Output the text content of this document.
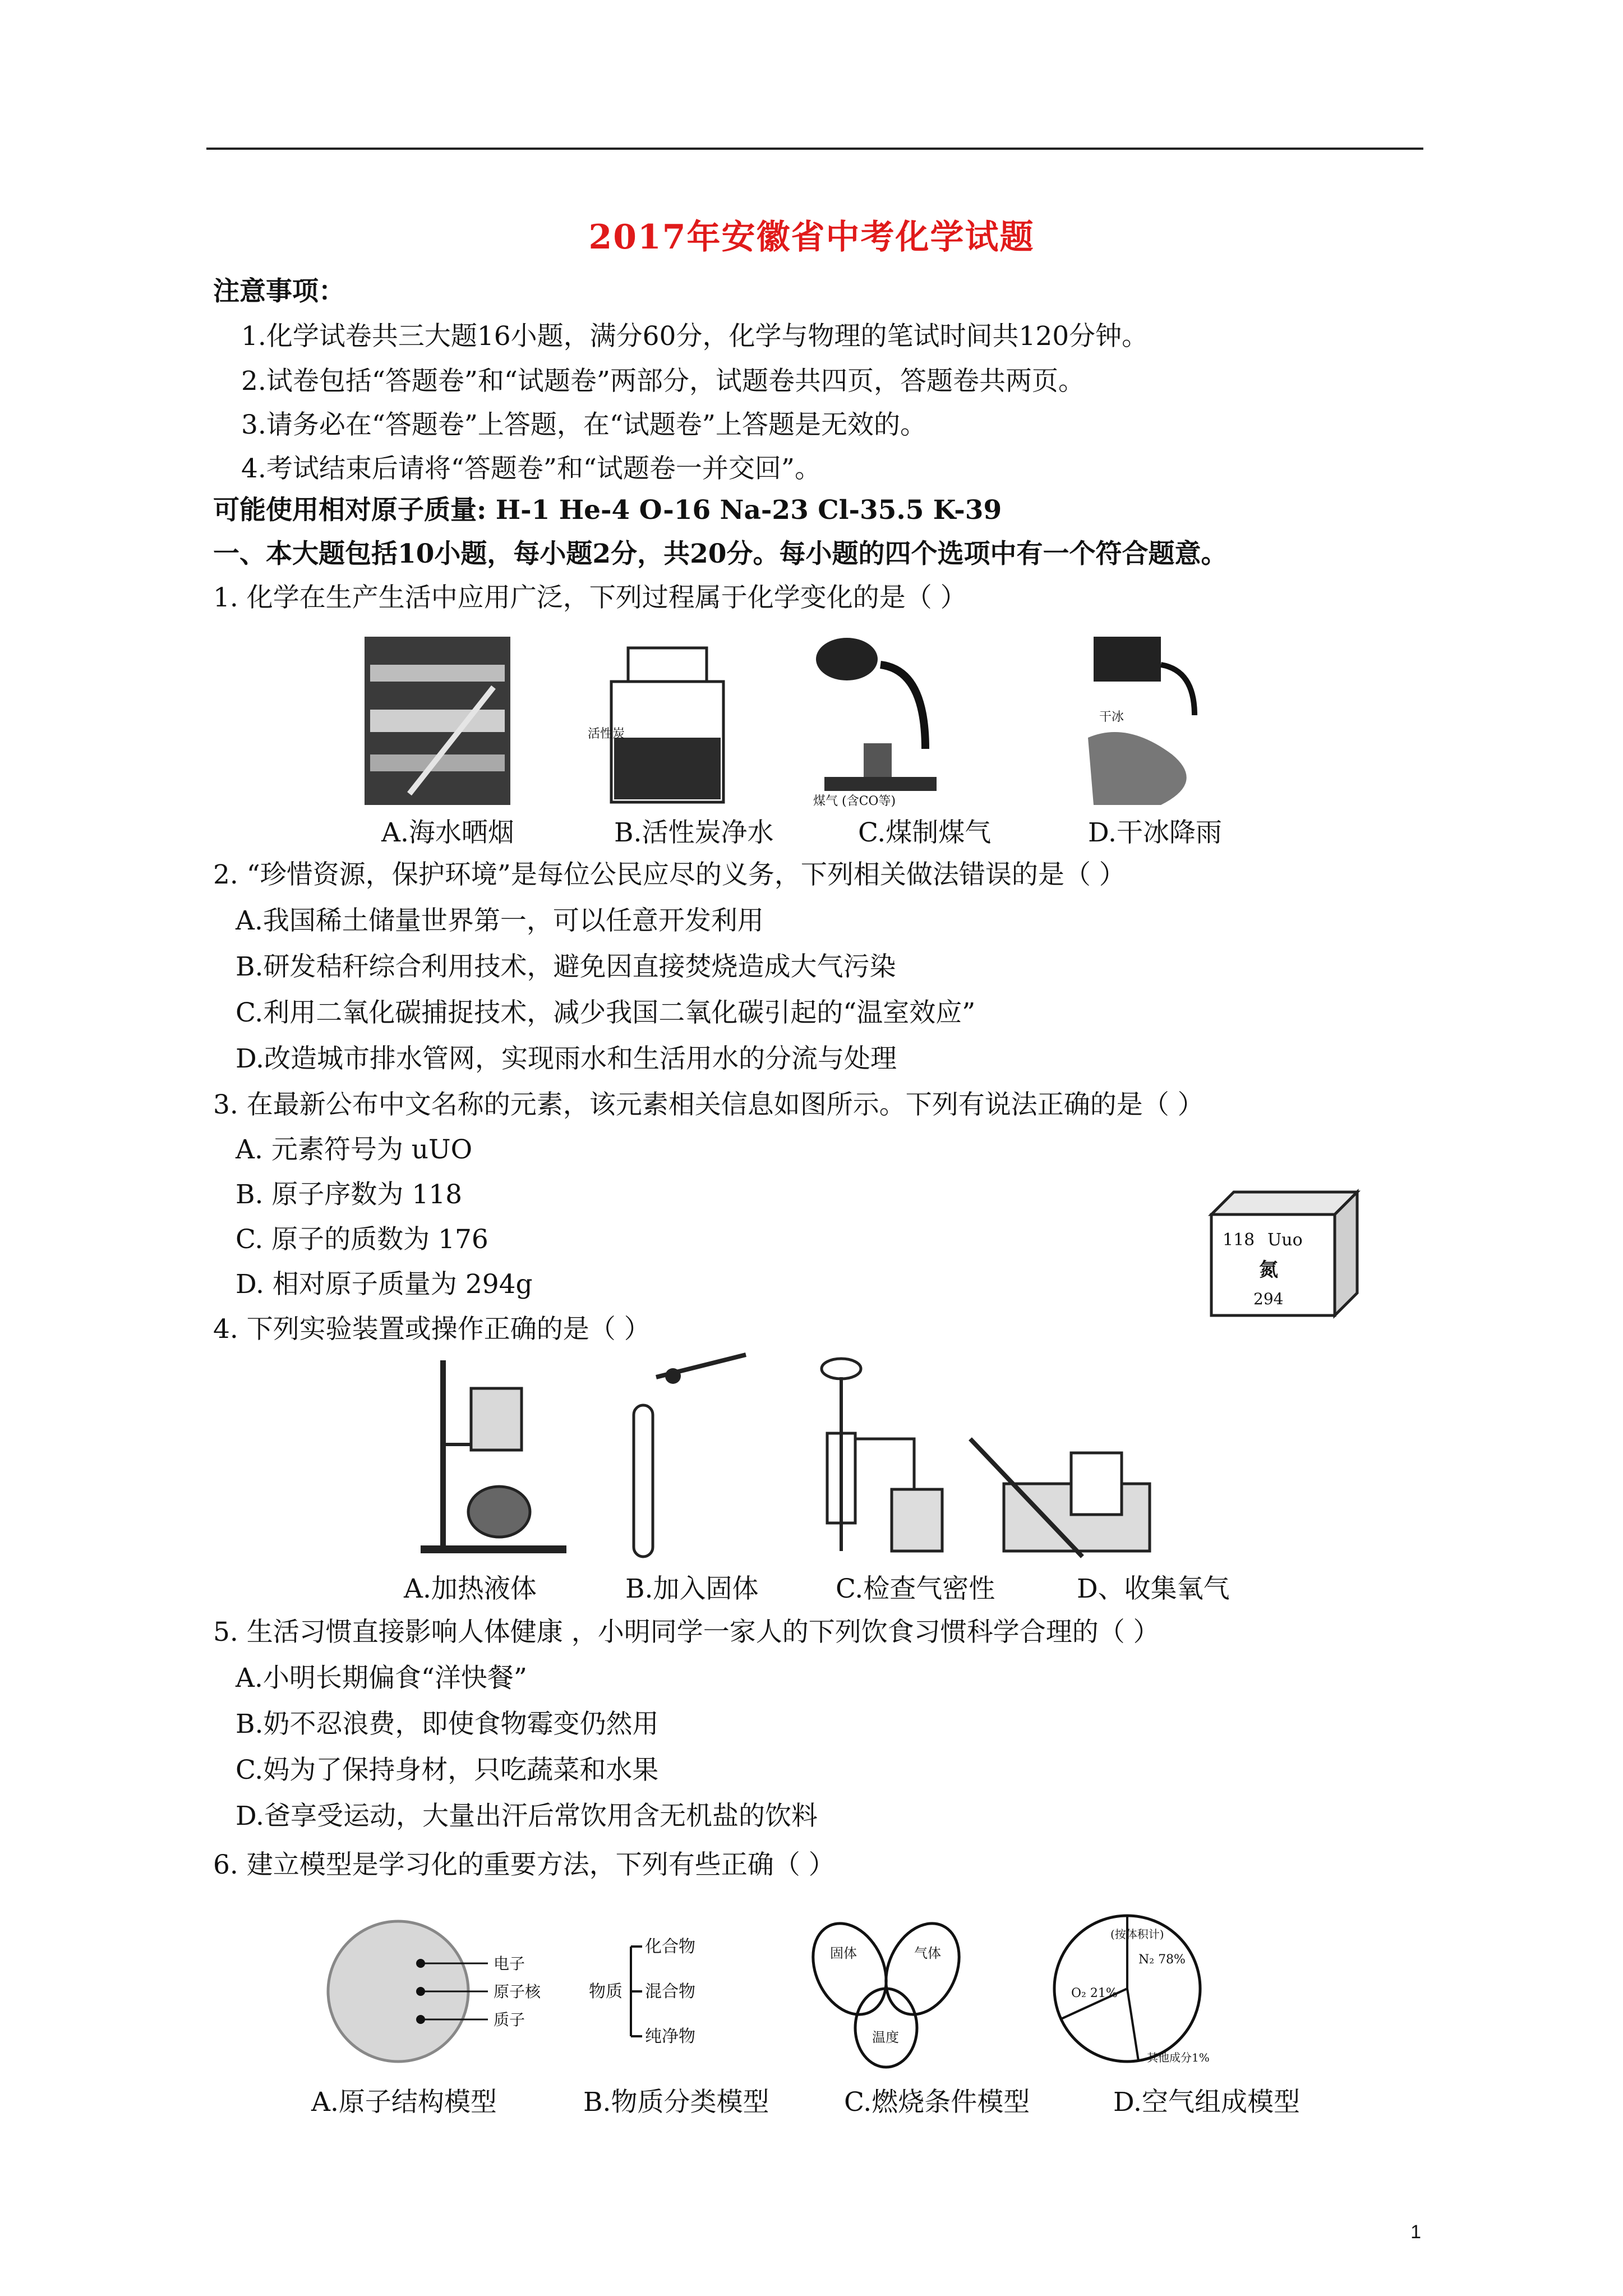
2017年安徽省中考化学试题
注意事项：
1.化学试卷共三大题16小题，满分60分，化学与物理的笔试时间共120分钟。
2.试卷包括“答题卷”和“试题卷”两部分，试题卷共四页，答题卷共两页。
3.请务必在“答题卷”上答题，在“试题卷”上答题是无效的。
4.考试结束后请将“答题卷”和“试题卷一并交回”。
可能使用相对原子质量: H-1 He-4 O-16 Na-23 Cl-35.5 K-39
一、本大题包括10小题，每小题2分，共20分。每小题的四个选项中有一个符合题意。
1. 化学在生产生活中应用广泛，下列过程属于化学变化的是（ ）
活性炭
煤气 (含CO等)
干冰
A.海水晒烟	B.活性炭净水	C.煤制煤气	D.干冰降雨
2. “珍惜资源，保护环境”是每位公民应尽的义务，下列相关做法错误的是（ ）
A.我国稀土储量世界第一，可以任意开发利用
B.研发秸秆综合利用技术，避免因直接焚烧造成大气污染
C.利用二氧化碳捕捉技术，减少我国二氧化碳引起的“温室效应”
D.改造城市排水管网，实现雨水和生活用水的分流与处理
3. 在最新公布中文名称的元素，该元素相关信息如图所示。下列有说法正确的是（ ）
A. 元素符号为 uUO
B. 原子序数为 118
C. 原子的质数为 176
D. 相对原子质量为 294g
118 Uuo
氮
294
4. 下列实验装置或操作正确的是（ ）
A.加热液体	B.加入固体	C.检查气密性	D、收集氧气
5. 生活习惯直接影响人体健康 ，小明同学一家人的下列饮食习惯科学合理的（ ）
A.小明长期偏食“洋快餐”
B.奶不忍浪费，即使食物霉变仍然用
C.妈为了保持身材，只吃蔬菜和水果
D.爸享受运动，大量出汗后常饮用含无机盐的饮料
6. 建立模型是学习化的重要方法，下列有些正确（ ）
电子
原子核
质子
物质
化合物
混合物
纯净物
固体	气体
温度
(按体积计)
N₂ 78%
O₂ 21%
其他成分1%
A.原子结构模型	B.物质分类模型	C.燃烧条件模型	D.空气组成模型
1
